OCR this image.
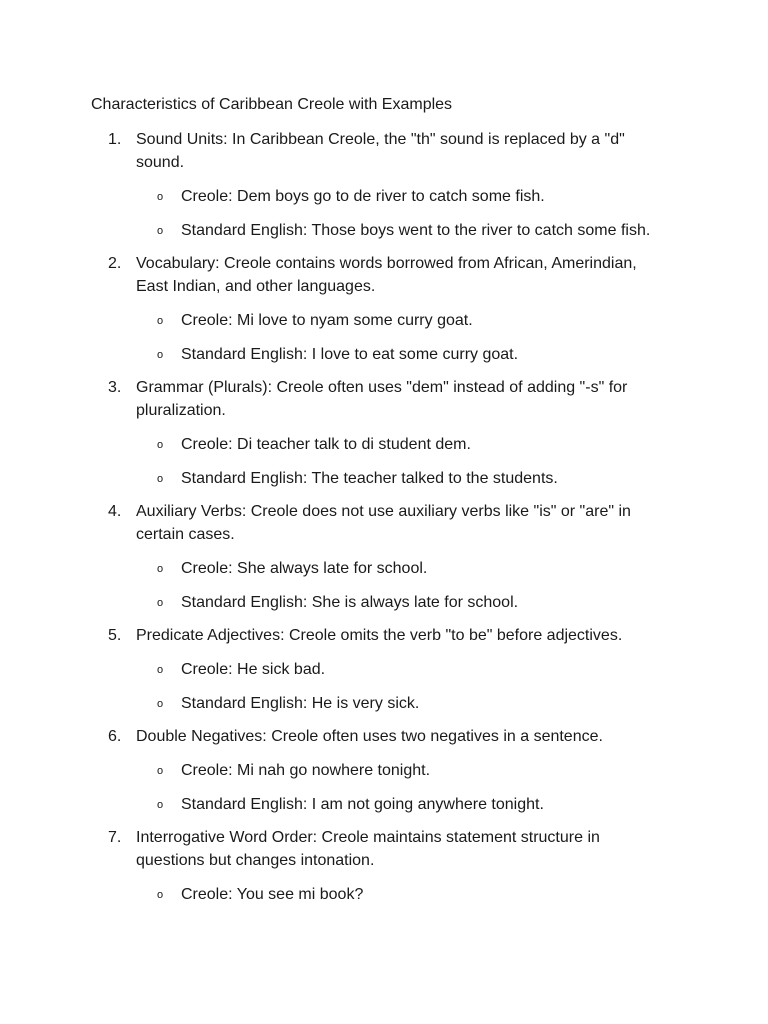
Characteristics of Caribbean Creole with Examples
1. Sound Units: In Caribbean Creole, the "th" sound is replaced by a "d" sound.
o Creole: Dem boys go to de river to catch some fish.
o Standard English: Those boys went to the river to catch some fish.
2. Vocabulary: Creole contains words borrowed from African, Amerindian, East Indian, and other languages.
o Creole: Mi love to nyam some curry goat.
o Standard English: I love to eat some curry goat.
3. Grammar (Plurals): Creole often uses "dem" instead of adding "-s" for pluralization.
o Creole: Di teacher talk to di student dem.
o Standard English: The teacher talked to the students.
4. Auxiliary Verbs: Creole does not use auxiliary verbs like "is" or "are" in certain cases.
o Creole: She always late for school.
o Standard English: She is always late for school.
5. Predicate Adjectives: Creole omits the verb "to be" before adjectives.
o Creole: He sick bad.
o Standard English: He is very sick.
6. Double Negatives: Creole often uses two negatives in a sentence.
o Creole: Mi nah go nowhere tonight.
o Standard English: I am not going anywhere tonight.
7. Interrogative Word Order: Creole maintains statement structure in questions but changes intonation.
o Creole: You see mi book?
